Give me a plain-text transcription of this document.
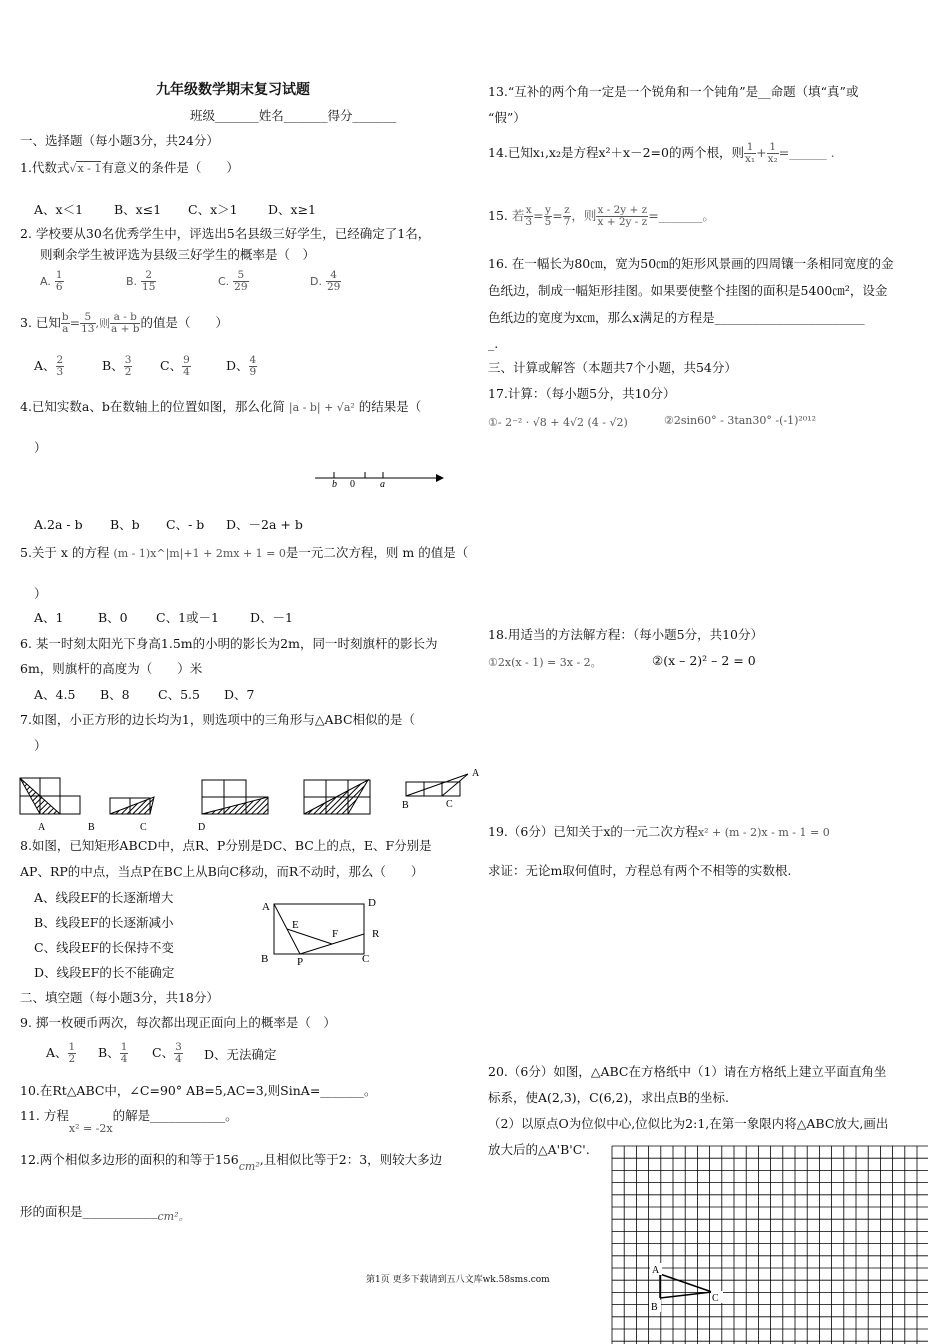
九年级数学期末复习试题
班级_______姓名_______得分_______
一、选择题（每小题3分，共24分）
1.代数式√x - 1有意义的条件是（　　）
A、x＜1 B、x≤1 C、x＞1 D、x≥1
2. 学校要从30名优秀学生中，评选出5名县级三好学生，已经确定了1名，
则剩余学生被评选为县级三好学生的概率是（　）
A. $\frac{1}{6}$	B. $\frac{2}{15}$	C. $\frac{5}{29}$	D. $\frac{4}{29}$
3. 已知 $\frac{b}{a} = \frac{5}{13}$ ,则 $\frac{a - b}{a + b}$ 的值是（　　）
A、 $\frac{2}{3}$	B、 $\frac{3}{2}$ C、 $\frac{9}{4}$	D、 $\frac{4}{9}$
4.已知实数a、b在数轴上的位置如图，那么化简 |a - b| + √a² 的结果是（
）
b 0	a
A.2a - b B、b C、- b D、－2a + b
5.关于 x 的方程 (m - 1)x^|m|+1 + 2mx + 1 = 0是一元二次方程，则 m 的值是（
）
A、1	B、0 C、1或－1 D、－1
6. 某一时刻太阳光下身高1.5m的小明的影长为2m，同一时刻旗杆的影长为
6m，则旗杆的高度为（　　）米
A、4.5 B、8 C、5.5 D、7
7.如图，小正方形的边长均为1，则选项中的三角形与△ABC相似的是（
）
A	B	C	D
A
B	C
8.如图，已知矩形ABCD中，点R、P分别是DC、BC上的点，E、F分别是
AP、RP的中点，当点P在BC上从B向C移动，而R不动时，那么（　　）
A、线段EF的长逐渐增大
B、线段EF的长逐渐减小
C、线段EF的长保持不变
D、线段EF的长不能确定
A	D
E
F	R
B	P	C
二、填空题（每小题3分，共18分）
9. 掷一枚硬币两次，每次都出现正面向上的概率是（　）
A、 $\frac{1}{2}$ B、 $\frac{1}{4}$ C、 $\frac{3}{4}$ D、无法确定
10.在Rt△ABC中，∠C=90° AB=5,AC=3,则SinA=_______。
11. 方程x² = -2x的解是____________。
12.两个相似多边形的面积的和等于156cm²,且相似比等于2：3，则较大多边
形的面积是____________cm²。
13.“互补的两个角一定是一个锐角和一个钝角”是__命题（填“真”或
“假”）
14.已知x₁,x₂是方程x²＋x－2=0的两个根，则 $\frac{1}{\text{x₁}} + \frac{1}{\text{x₂}}$ =______ .
15. 若 $\frac{x}{3} = \frac{y}{5} = \frac{z}{7}$ ，则 $\frac{x - 2y + z}{x + 2y - z}$ =_______。
16. 在一幅长为80㎝，宽为50㎝的矩形风景画的四周镶一条相同宽度的金
色纸边，制成一幅矩形挂图。如果要使整个挂图的面积是5400㎝²，设金
色纸边的宽度为x㎝，那么x满足的方程是________________________
_.
三、计算或解答（本题共7个小题，共54分）
17.计算：（每小题5分，共10分）
①- 2⁻² · √8 + 4√2 (4 - √2)	②2sin60° - 3tan30° -(-1)²⁰¹²
18.用适当的方法解方程：（每小题5分，共10分）
①2x(x - 1) = 3x - 2。	②(x – 2)² – 2 = 0
19.（6分）已知关于x的一元二次方程x² + (m - 2)x - m - 1 = 0
求证：无论m取何值时，方程总有两个不相等的实数根.
20.（6分）如图，△ABC在方格纸中（1）请在方格纸上建立平面直角坐
标系，使A(2,3)，C(6,2)，求出点B的坐标.
（2）以原点O为位似中心,位似比为2:1,在第一象限内将△ABC放大,画出
放大后的△A'B'C'.
A
B
C
第1页 更多下载请到五八文库wk.58sms.com
